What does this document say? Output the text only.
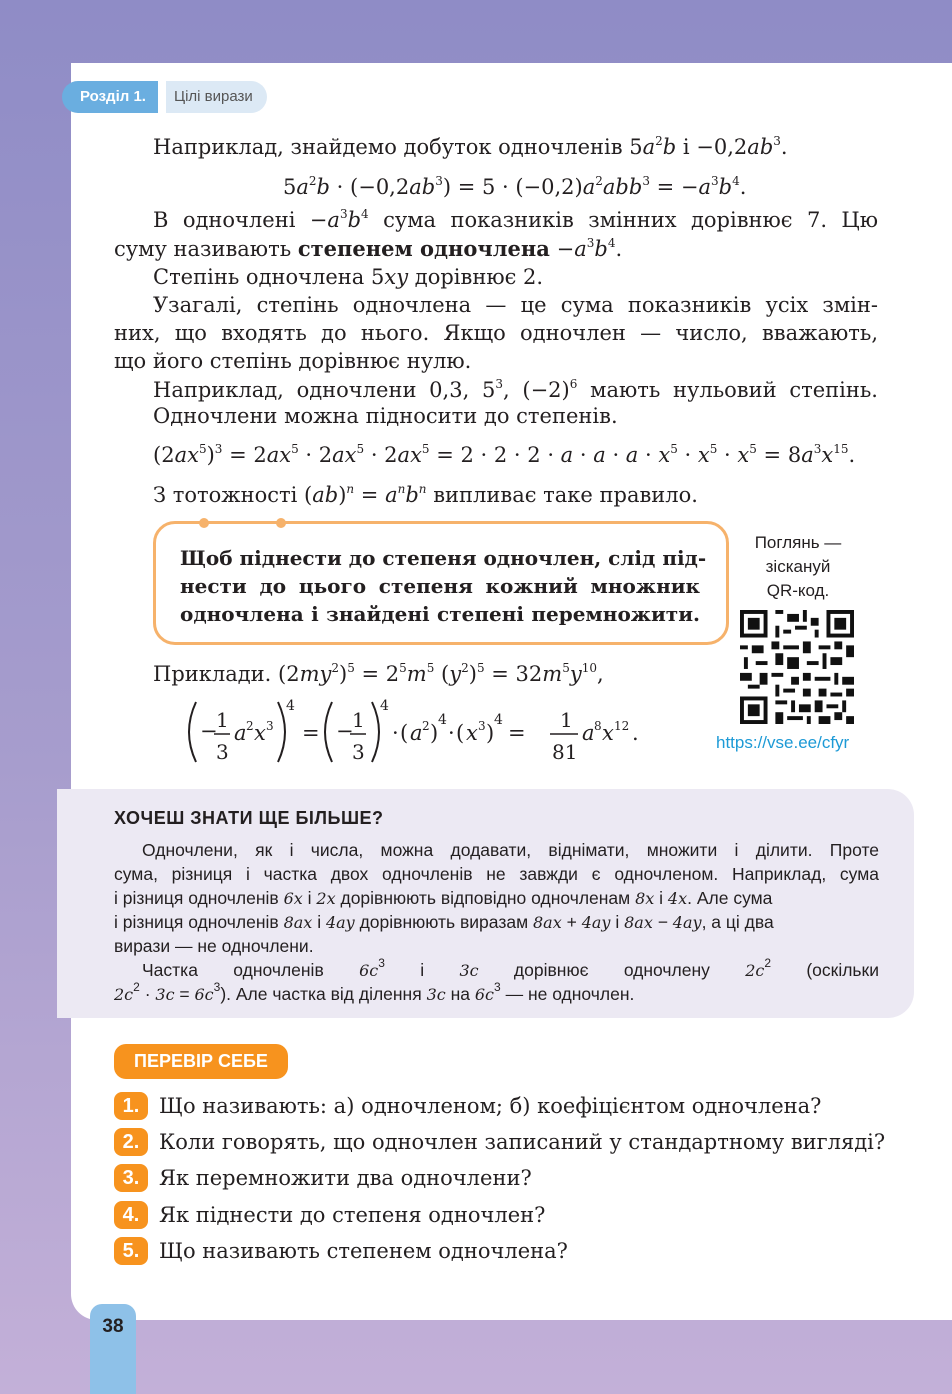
Цілі вирази
Розділ 1.
Наприклад, знайдемо добуток одночленів $5a^2b$ $і -0,2ab^3$.
$5a^2b \cdot (-0,2ab^3) = 5 \cdot (-0,2)a^2abb^3 = -a^3b^4$.
В одночлені $-a^3b^4$ сума показників змінних дорівнює 7. Цю
суму називають степенем одночлена $-a^3b^4$.
Степінь одночлена 5xy дорівнює 2.
Узагалі, степінь одночлена — це сума показників усіх змін-
них, що входять до нього. Якщо одночлен — число, вважають,
що його степінь дорівнює нулю.
Наприклад, одночлени 0,3, $5^3$, $(-2)^6$ мають нульовий степінь.
Одночлени можна підносити до степенів.
$(2ax^5)^3 = 2ax^5 \cdot 2ax^5 \cdot 2ax^5 = 2 \cdot 2 \cdot 2 \cdot a \cdot a \cdot a \cdot x^5 \cdot x^5 \cdot x^5 = 8a^3x^{15}$.
З тотожності $(ab)^n = a^nb^n$ випливає таке правило.
Щоб піднести до степеня одночлен, слід під-
нести до цього степеня кожний множник
одночлена і знайдені степені перемножити.
Поглянь —
зіскануй
QR-код.
https://vse.ee/cfyr
Приклади. $(2my^2)^5 = 2^5m^5$ $(y^2)^5 = 32m^5y^{10}$,
−
1
3
a 2 x 3
4
= −
1
3
4
· ( a 2 )
4
· ( x 3 )
4
=
1
81
a 8 x 12 .
ХОЧЕШ ЗНАТИ ЩЕ БІЛЬШЕ?
Одночлени, як і числа, можна додавати, віднімати, множити і ділити. Проте
сума, різниця і частка двох одночленів не завжди є одночленом. Наприклад, сума
і різниця одночленів 6x і 2x дорівнюють відповідно одночленам 8x і 4x. Але сума
і різниця одночленів 8ax і 4ay дорівнюють виразам 8ax + 4ay і 8ax − 4ay, а ці два
вирази — не одночлени.
Частка одночленів $6c^3$ і 3c дорівнює одночлену $2c^2$ (оскільки
$2c^2 \cdot 3c = 6c^3$). Але частка від ділення 3c на $6c^3$ — не одночлен.
ПЕРЕВІР СЕБЕ
1. Що називають: а) одночленом; б) коефіцієнтом одночлена?
2. Коли говорять, що одночлен записаний у стандартному вигляді?
3. Як перемножити два одночлени?
4. Як піднести до степеня одночлен?
5. Що називають степенем одночлена?
38
